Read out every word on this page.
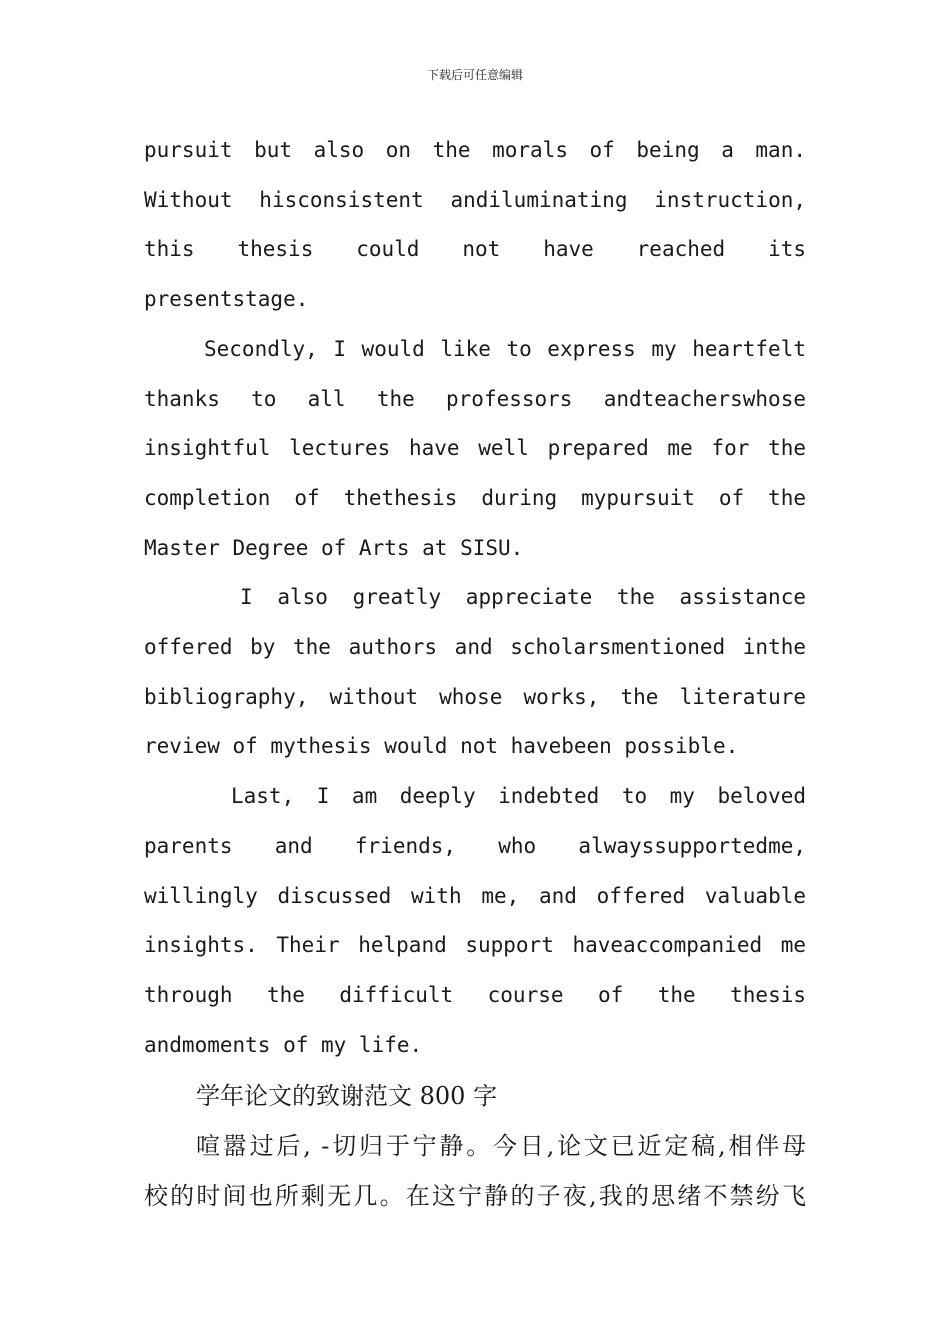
下载后可任意编辑
pursuit but also on the morals of being a man.
Without hisconsistent andiluminating instruction,
this thesis could not have reached its
presentstage.
Secondly, I would like to express my heartfelt
thanks to all the professors andteacherswhose
insightful lectures have well prepared me for the
completion of thethesis during mypursuit of the
Master Degree of Arts at SISU.
I also greatly appreciate the assistance
offered by the authors and scholarsmentioned inthe
bibliography, without whose works, the literature
review of mythesis would not havebeen possible.
Last, I am deeply indebted to my beloved
parents and friends, who alwayssupportedme,
willingly discussed with me, and offered valuable
insights. Their helpand support haveaccompanied me
through the difficult course of the thesis
andmoments of my life.
学年论文的致谢范文 800 字
喧嚣过后, -切归于宁静。今日,论文已近定稿,相伴母
校的时间也所剩无几。在这宁静的子夜,我的思绪不禁纷飞
